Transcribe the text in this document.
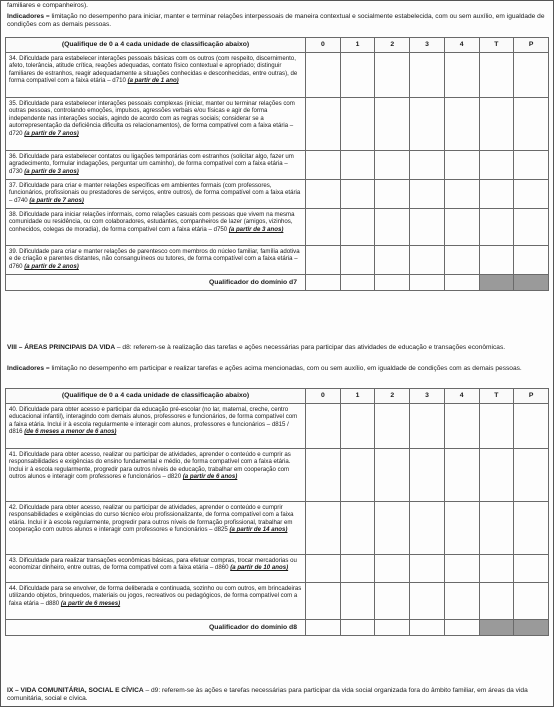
familiares e companheiros).
Indicadores = limitação no desempenho para iniciar, manter e terminar relações interpessoais de maneira contextual e socialmente estabelecida, com ou sem auxílio, em igualdade de condições com as demais pessoas.
(Qualifique de 0 a 4 cada unidade de classificação abaixo)	0	1	2	3	4	T	P
34. Dificuldade para estabelecer interações pessoais básicas com os outros (com respeito, discernimento, afeto, tolerância, atitude crítica, reações adequadas, contato físico contextual e apropriado; distinguir familiares de estranhos, reagir adequadamente a situações conhecidas e desconhecidas, entre outras), de forma compatível com a faixa etária – d710 (a partir de 1 ano)							
35. Dificuldade para estabelecer interações pessoais complexas (iniciar, manter ou terminar relações com outras pessoas, controlando emoções, impulsos, agressões verbais e/ou físicas e agir de forma independente nas interações sociais, agindo de acordo com as regras sociais; considerar se a autorrepresentação da deficiência dificulta os relacionamentos), de forma compatível com a faixa etária – d720 (a partir de 7 anos)							
36. Dificuldade para estabelecer contatos ou ligações temporárias com estranhos (solicitar algo, fazer um agradecimento, formular indagações, perguntar um caminho), de forma compatível com a faixa etária – d730 (a partir de 3 anos)							
37. Dificuldade para criar e manter relações específicas em ambientes formais (com professores, funcionários, profissionais ou prestadores de serviços, entre outros), de forma compatível com a faixa etária – d740 (a partir de 7 anos)							
38. Dificuldade para iniciar relações informais, como relações casuais com pessoas que vivem na mesma comunidade ou residência, ou com colaboradores, estudantes, companheiros de lazer (amigos, vizinhos, conhecidos, colegas de moradia), de forma compatível com a faixa etária – d750 (a partir de 3 anos)							
39. Dificuldade para criar e manter relações de parentesco com membros do núcleo familiar, família adotiva e de criação e parentes distantes, não consanguíneos ou tutores, de forma compatível com a faixa etária – d760 (a partir de 2 anos)							
Qualificador do domínio d7							
VIII – ÁREAS PRINCIPAIS DA VIDA – d8: referem-se à realização das tarefas e ações necessárias para participar das atividades de educação e transações econômicas.
Indicadores = limitação no desempenho em participar e realizar tarefas e ações acima mencionadas, com ou sem auxílio, em igualdade de condições com as demais pessoas.
(Qualifique de 0 a 4 cada unidade de classificação abaixo)	0	1	2	3	4	T	P
40. Dificuldade para obter acesso e participar da educação pré-escolar (no lar, maternal, creche, centro educacional infantil), interagindo com demais alunos, professores e funcionários, de forma compatível com a faixa etária. Inclui ir à escola regularmente e interagir com alunos, professores e funcionários – d815 / d816 (de 6 meses a menor de 6 anos)							
41. Dificuldade para obter acesso, realizar ou participar de atividades, aprender o conteúdo e cumprir as responsabilidades e exigências do ensino fundamental e médio, de forma compatível com a faixa etária. Inclui ir à escola regularmente, progredir para outros níveis de educação, trabalhar em cooperação com outros alunos e interagir com professores e funcionários – d820 (a partir de 6 anos)							
42. Dificuldade para obter acesso, realizar ou participar de atividades, aprender o conteúdo e cumprir responsabilidades e exigências do curso técnico e/ou profissionalizante, de forma compatível com a faixa etária. Inclui ir à escola regularmente, progredir para outros níveis de formação profissional, trabalhar em cooperação com outros alunos e interagir com professores e funcionários – d825 (a partir de 14 anos)							
43. Dificuldade para realizar transações econômicas básicas, para efetuar compras, trocar mercadorias ou economizar dinheiro, entre outras, de forma compatível com a faixa etária – d860 (a partir de 10 anos)							
44. Dificuldade para se envolver, de forma deliberada e continuada, sozinho ou com outros, em brincadeiras utilizando objetos, brinquedos, materiais ou jogos, recreativos ou pedagógicos, de forma compatível com a faixa etária – d880 (a partir de 6 meses)							
Qualificador do domínio d8							
IX – VIDA COMUNITÁRIA, SOCIAL E CÍVICA – d9: referem-se às ações e tarefas necessárias para participar da vida social organizada fora do âmbito familiar, em áreas da vida comunitária, social e cívica.
